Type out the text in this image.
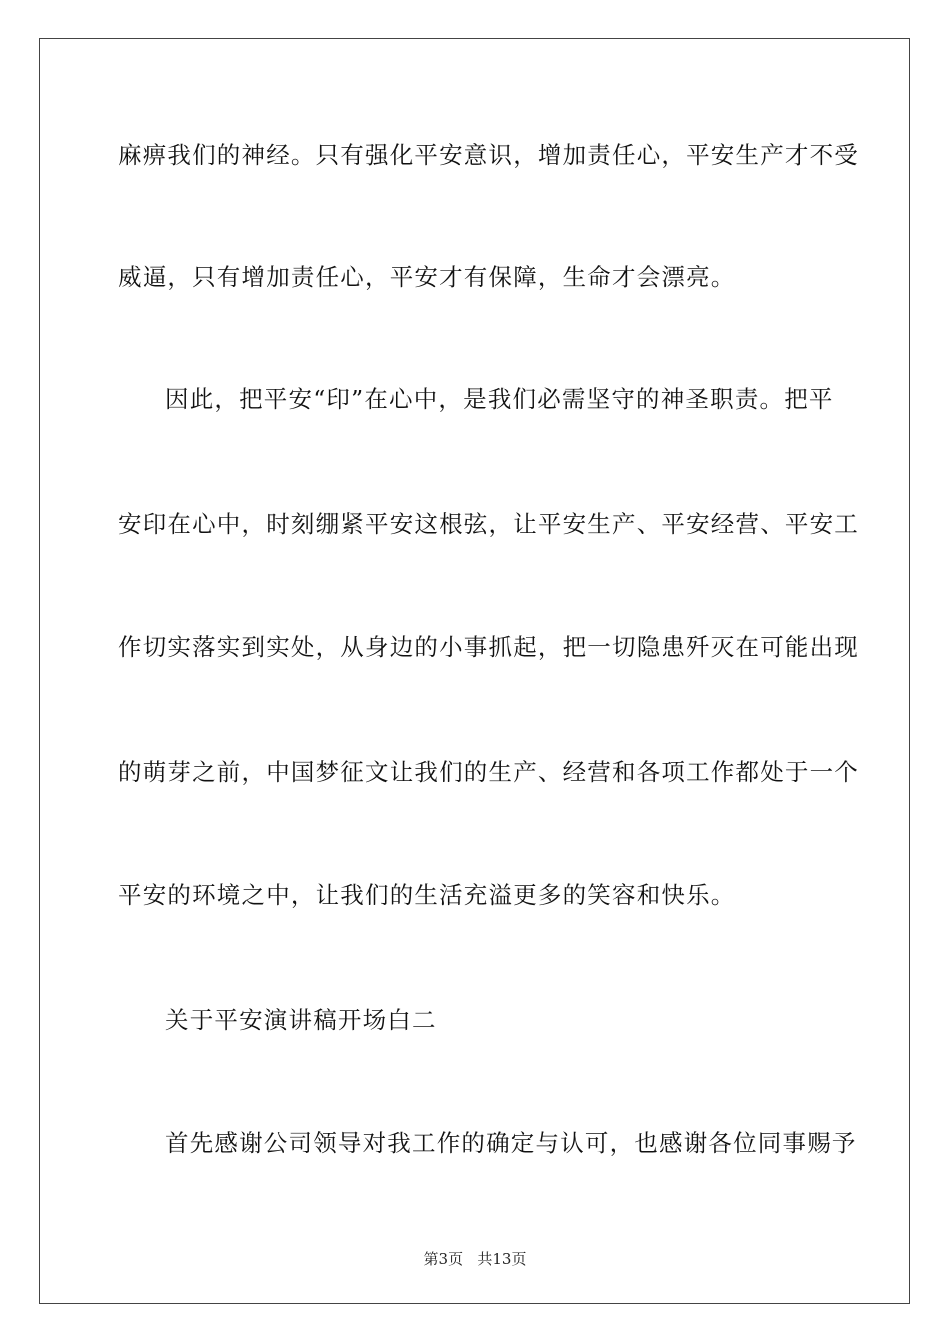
麻痹我们的神经。只有强化平安意识，增加责任心，平安生产才不受
威逼，只有增加责任心，平安才有保障，生命才会漂亮。
因此，把平安“印”在心中，是我们必需坚守的神圣职责。把平
安印在心中，时刻绷紧平安这根弦，让平安生产、平安经营、平安工
作切实落实到实处，从身边的小事抓起，把一切隐患歼灭在可能出现
的萌芽之前，中国梦征文让我们的生产、经营和各项工作都处于一个
平安的环境之中，让我们的生活充溢更多的笑容和快乐。
关于平安演讲稿开场白二
首先感谢公司领导对我工作的确定与认可，也感谢各位同事赐予
第3页   共13页
